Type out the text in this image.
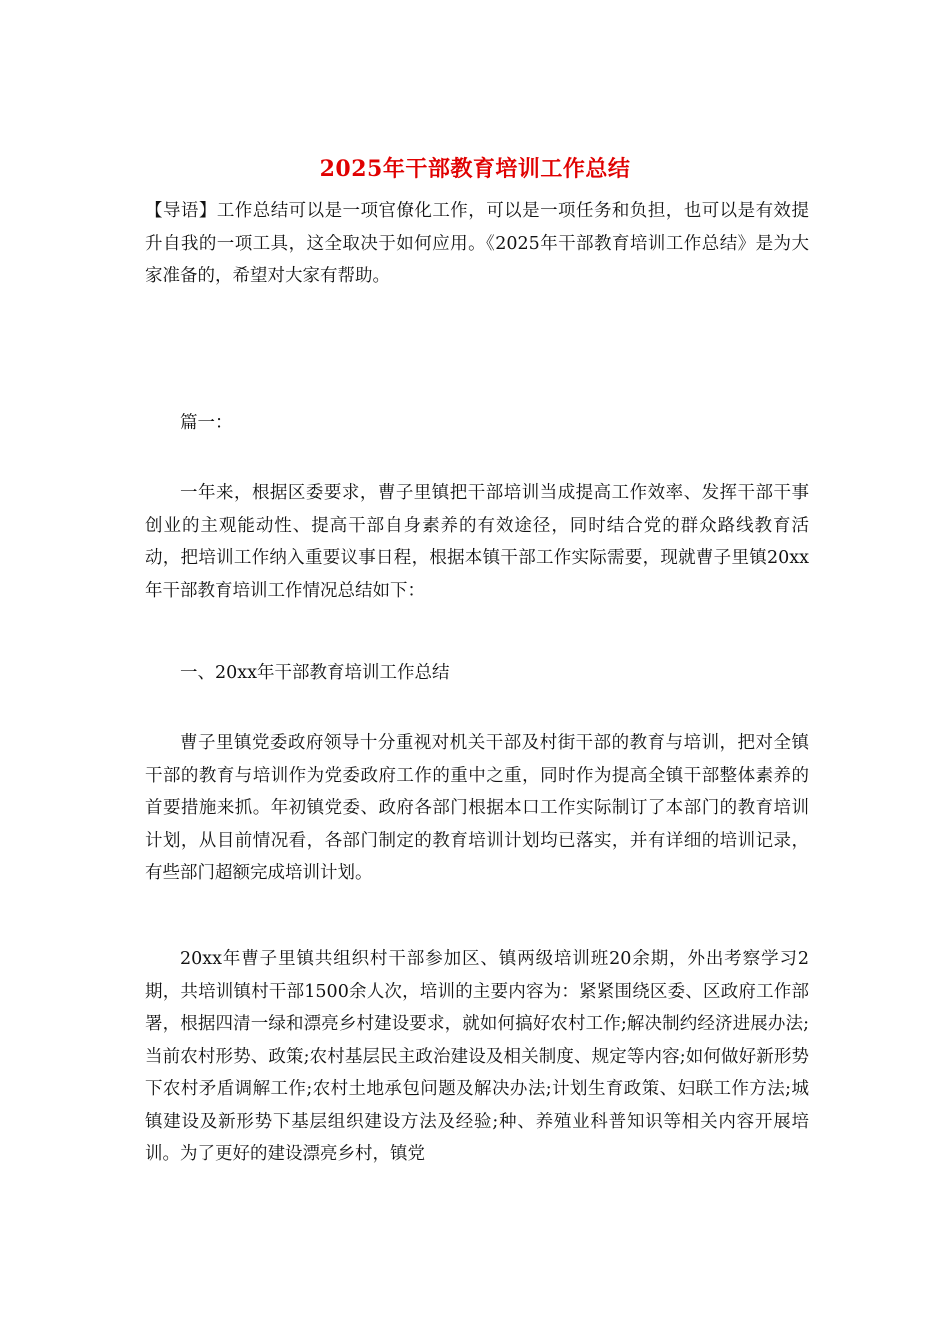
2025年干部教育培训工作总结

【导语】工作总结可以是一项官僚化工作，可以是一项任务和负担，也可以是有效提升自我的一项工具，这全取决于如何应用。《2025年干部教育培训工作总结》是为大家准备的，希望对大家有帮助。

篇一：

一年来，根据区委要求，曹子里镇把干部培训当成提高工作效率、发挥干部干事创业的主观能动性、提高干部自身素养的有效途径，同时结合党的群众路线教育活动，把培训工作纳入重要议事日程，根据本镇干部工作实际需要，现就曹子里镇20xx年干部教育培训工作情况总结如下：

一、20xx年干部教育培训工作总结

曹子里镇党委政府领导十分重视对机关干部及村街干部的教育与培训，把对全镇干部的教育与培训作为党委政府工作的重中之重，同时作为提高全镇干部整体素养的首要措施来抓。年初镇党委、政府各部门根据本口工作实际制订了本部门的教育培训计划，从目前情况看，各部门制定的教育培训计划均已落实，并有详细的培训记录，有些部门超额完成培训计划。

20xx年曹子里镇共组织村干部参加区、镇两级培训班20余期，外出考察学习2期，共培训镇村干部1500余人次，培训的主要内容为：紧紧围绕区委、区政府工作部署，根据四清一绿和漂亮乡村建设要求，就如何搞好农村工作;解决制约经济进展办法;当前农村形势、政策;农村基层民主政治建设及相关制度、规定等内容;如何做好新形势下农村矛盾调解工作;农村土地承包问题及解决办法;计划生育政策、妇联工作方法;城镇建设及新形势下基层组织建设方法及经验;种、养殖业科普知识等相关内容开展培训。为了更好的建设漂亮乡村，镇党
